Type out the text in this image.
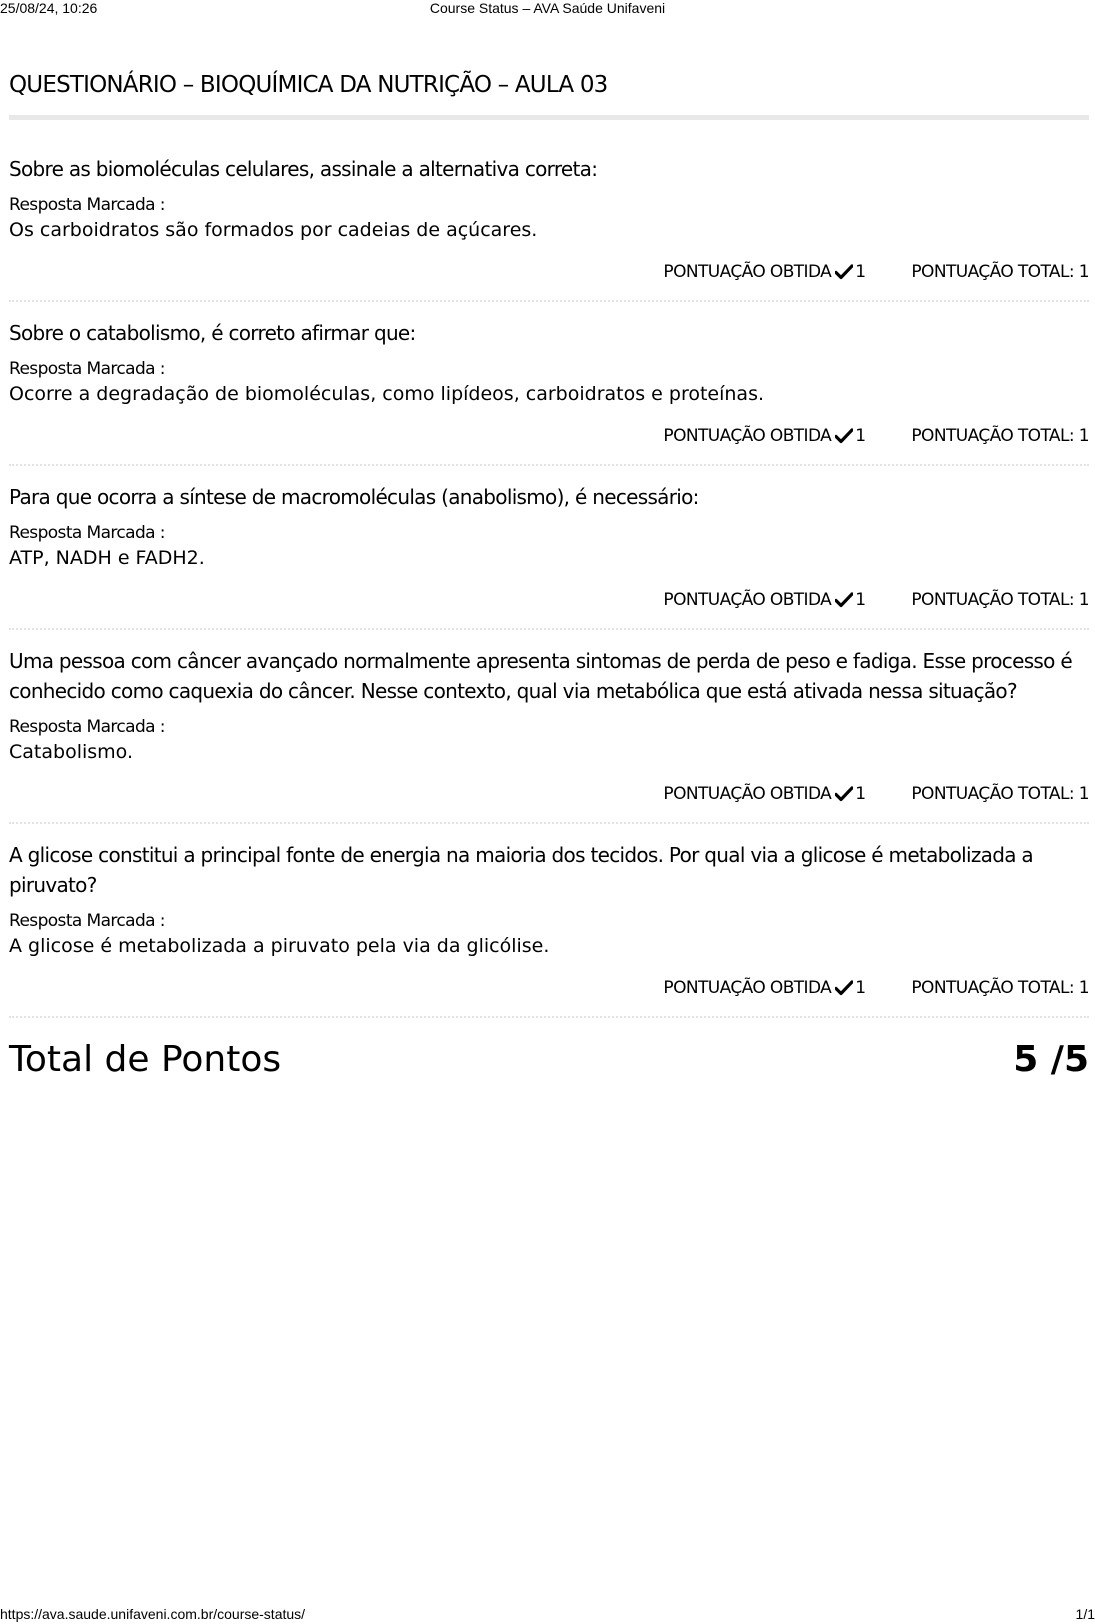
25/08/24, 10:26	Course Status – AVA Saúde Unifaveni
QUESTIONÁRIO – BIOQUÍMICA DA NUTRIÇÃO – AULA 03

Sobre as biomoléculas celulares, assinale a alternativa correta:

Resposta Marcada :

Os carboidratos são formados por cadeias de açúcares.

PONTUAÇÃO OBTIDA 1	PONTUAÇÃO TOTAL: 1

Sobre o catabolismo, é correto afirmar que:

Resposta Marcada :

Ocorre a degradação de biomoléculas, como lipídeos, carboidratos e proteínas.

PONTUAÇÃO OBTIDA 1	PONTUAÇÃO TOTAL: 1

Para que ocorra a síntese de macromoléculas (anabolismo), é necessário:

Resposta Marcada :

ATP, NADH e FADH2.

PONTUAÇÃO OBTIDA 1	PONTUAÇÃO TOTAL: 1

Uma pessoa com câncer avançado normalmente apresenta sintomas de perda de peso e fadiga. Esse processo é conhecido como caquexia do câncer. Nesse contexto, qual via metabólica que está ativada nessa situação?

Resposta Marcada :

Catabolismo.

PONTUAÇÃO OBTIDA 1	PONTUAÇÃO TOTAL: 1

A glicose constitui a principal fonte de energia na maioria dos tecidos. Por qual via a glicose é metabolizada a piruvato?

Resposta Marcada :

A glicose é metabolizada a piruvato pela via da glicólise.

PONTUAÇÃO OBTIDA 1	PONTUAÇÃO TOTAL: 1
Total de Pontos	5 /5
https://ava.saude.unifaveni.com.br/course-status/	1/1
